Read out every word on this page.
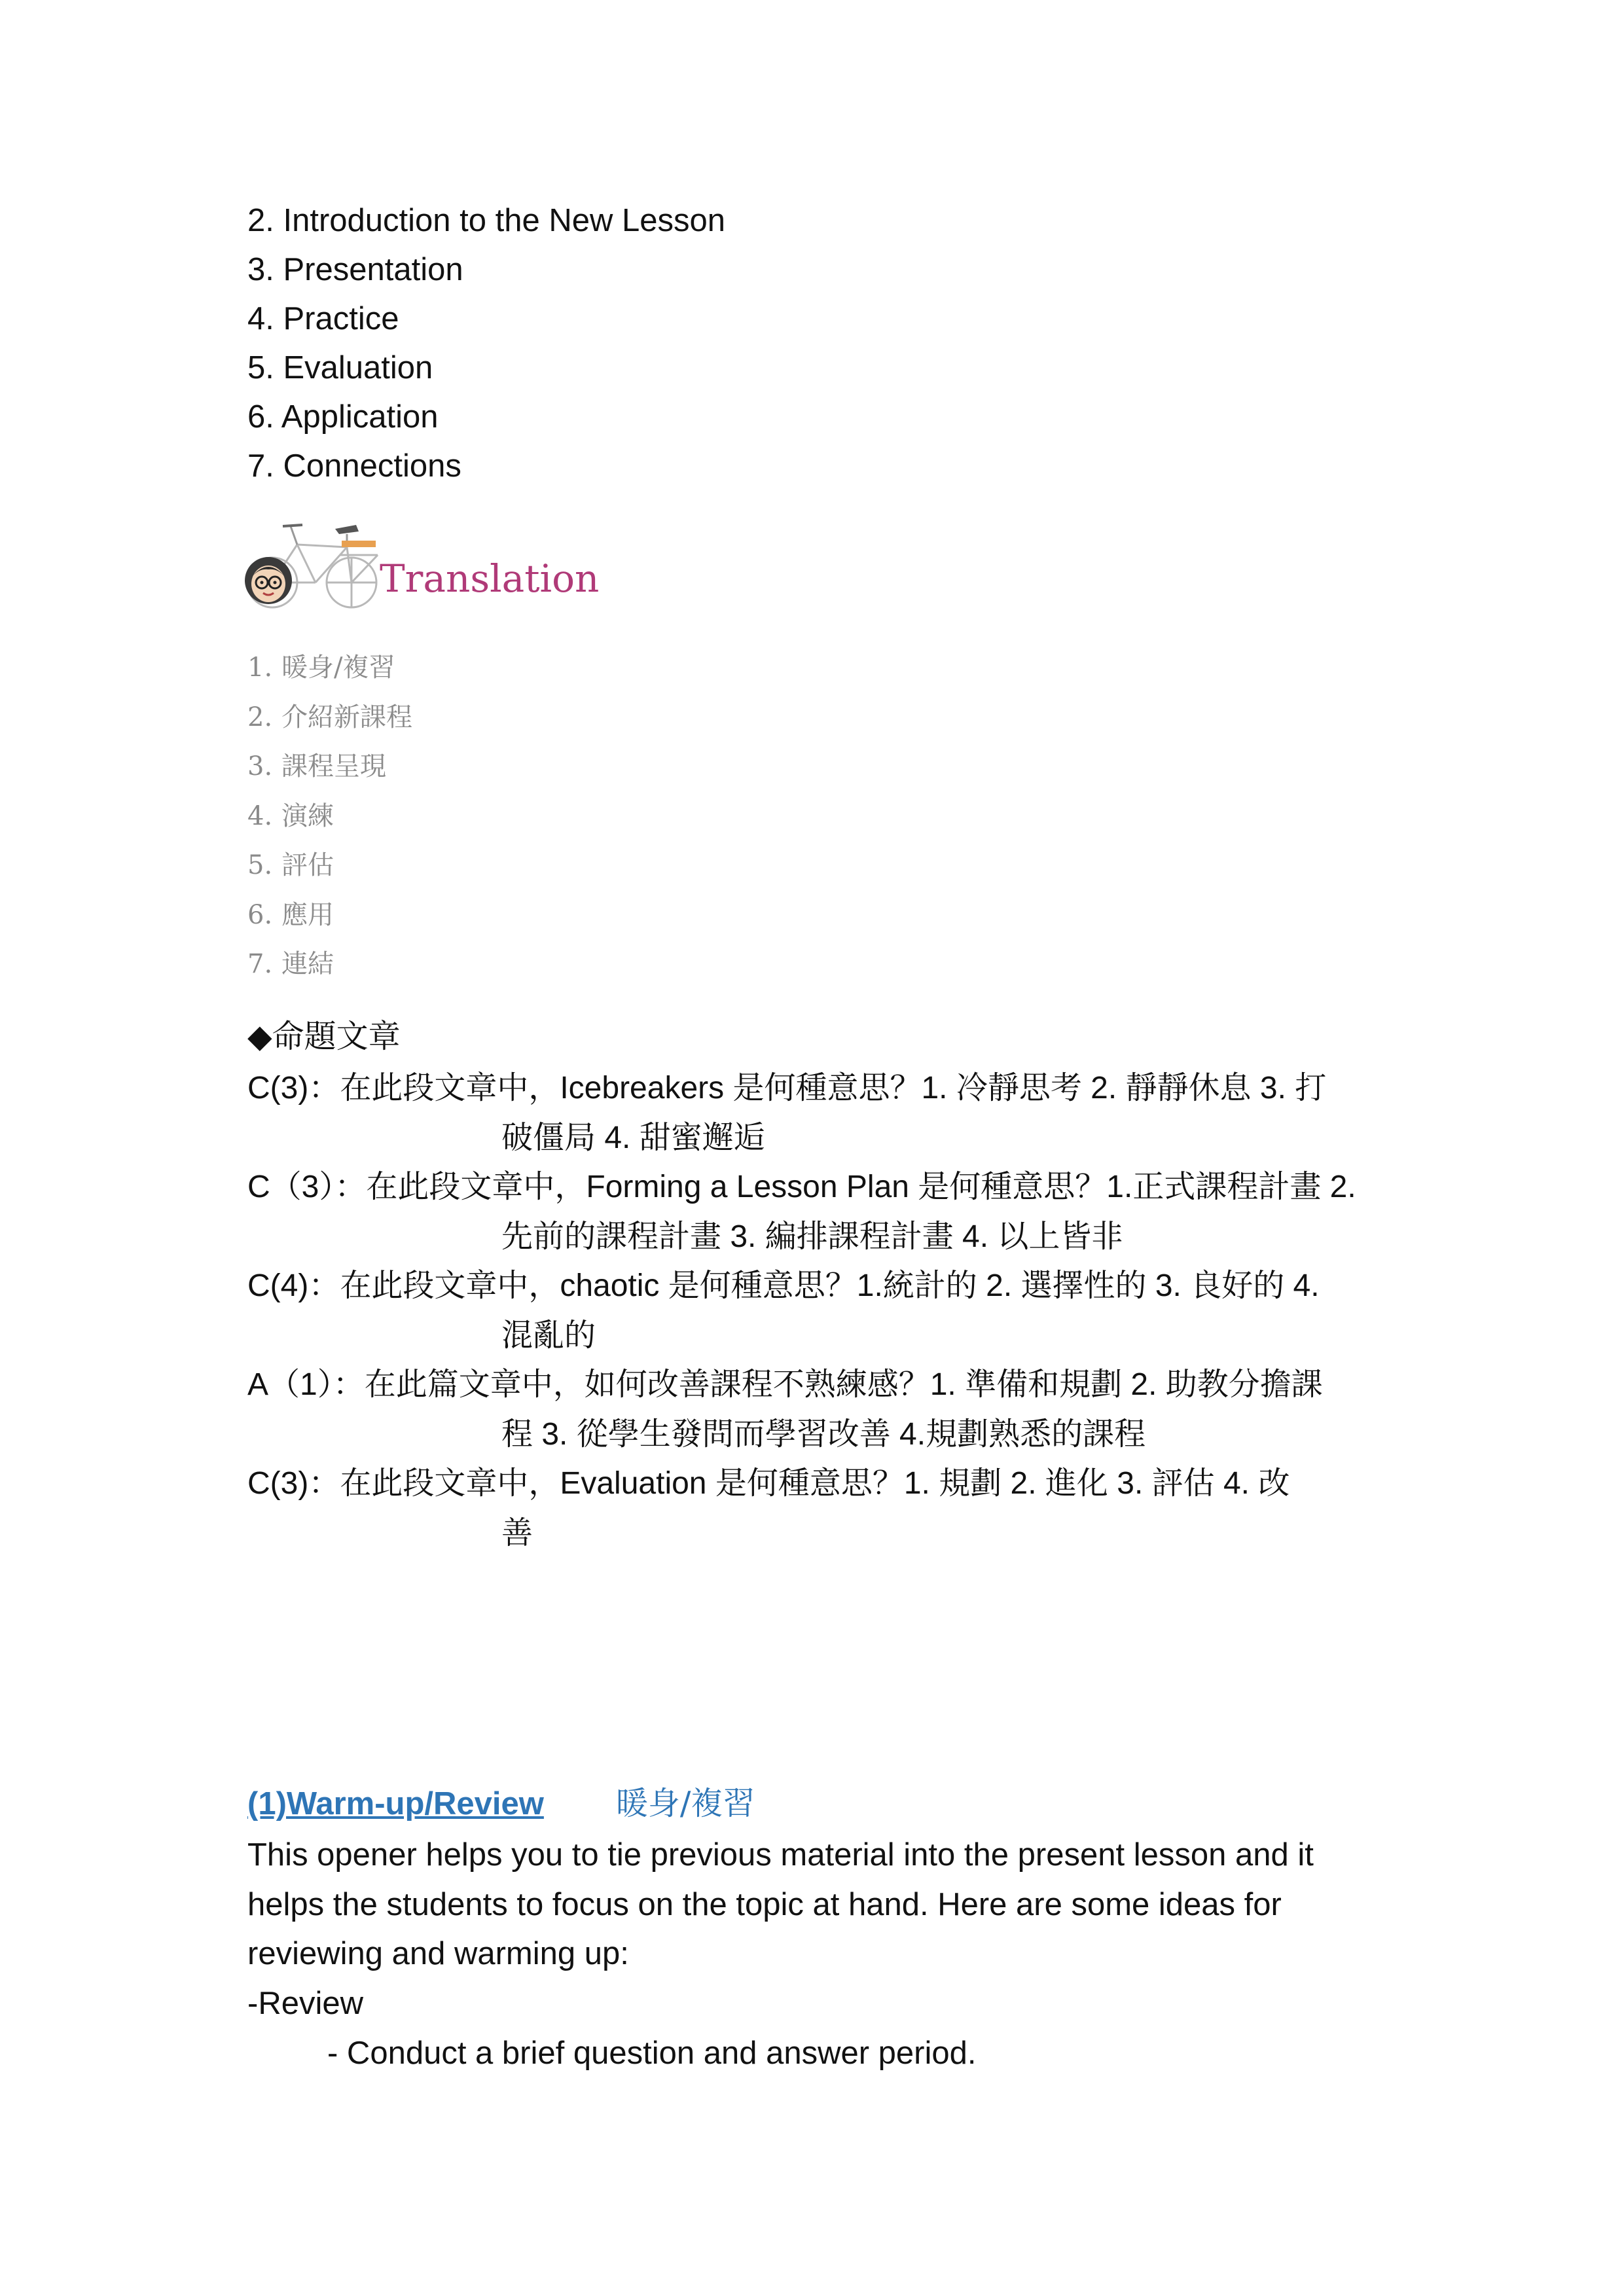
2. Introduction to the New Lesson
3. Presentation
4. Practice
5. Evaluation
6. Application
7. Connections
Translation
1. 暖身/複習
2. 介紹新課程
3. 課程呈現
4. 演練
5. 評估
6. 應用
7. 連結
◆命題文章
C(3)：在此段文章中，Icebreakers 是何種意思？1. 冷靜思考 2. 靜靜休息 3. 打
破僵局 4. 甜蜜邂逅
C（3）：在此段文章中，Forming a Lesson Plan 是何種意思？1.正式課程計畫 2.
先前的課程計畫 3. 編排課程計畫 4. 以上皆非
C(4)：在此段文章中，chaotic 是何種意思？1.統計的 2. 選擇性的 3. 良好的 4.
混亂的
A（1）：在此篇文章中，如何改善課程不熟練感？1. 準備和規劃 2. 助教分擔課
程 3. 從學生發問而學習改善 4.規劃熟悉的課程
C(3)：在此段文章中，Evaluation 是何種意思？1. 規劃 2. 進化 3. 評估 4. 改
善
(1)Warm-up/Review 暖身/複習
This opener helps you to tie previous material into the present lesson and it helps the students to focus on the topic at hand. Here are some ideas for reviewing and warming up:
-Review
- Conduct a brief question and answer period.
